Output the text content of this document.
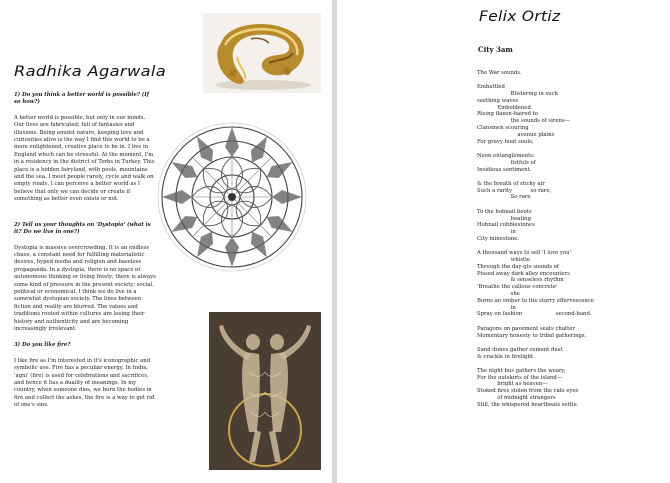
Radhika Agarwala

1) Do you think a better world is possible? (If so how?)

A better world is possible, but only in our minds. Our lives are fabricated; full of fantasies and illusions. Being amidst nature, keeping love and curiosities alive is the way I find this world to be a more enlightened, creative place to be in. I live in England which can be stressful. At the moment, I'm in a residency in the district of Torbs in Turkey. This place is a hidden fairyland, with pools, mountains and the sea. I meet people rarely, cycle and walk on empty roads. I can perceive a better world as I believe that only we can decide or create if something as better even exists or not.

2) Tell us your thoughts on 'Dystopia' (what is it? Do we live in one?)

Dystopia is massive overcrowding. It is an endless chaos, a constant need for fulfilling materialistic desires, hyped media and religion and baseless propaganda. In a dystopia, there is no space of autonomous thinking or living freely; there is always some kind of pressure in the present society; social, political or economical. I think we do live in a somewhat dystopian society. The lines between fiction and reality are blurred. The values and traditions rooted within cultures are losing their history and authenticity and are becoming increasingly irrelevant.

3) Do you like fire?

I like fire as I'm interested in it's iconographic and symbolic use. Fire has a peculiar energy. In India, 'agni' (fire) is used for celebrations and sacrifices, and hence it has a duality of meanings. In my country, when someone dies, we burn the bodies in fire and collect the ashes, the fire is a way to get rid of one's sins.

Felix Ortiz
City 3am
The War sounds.
Embattled
Blistering in such
seething waves
Emboldened
Rising flaxen-haired to
the sounds of sirens—
Clansmen scouring
avenue plains
For gravy boat souls;
Neon entanglements:
fistfuls of
Insidious sentiment.
& the breath of sticky air
Such a rarity           so rare,
So rare
To the hobnail boots
beating
Hobnail cobblestones
in
City minestone.
A thousand ways to sell 'I love you'
whistle
Through the day-glo sounds of
Pissed away dark alley encounters
& senseless rhythm
'Breathe the callous concrete'
she
Burns an ember to the starry effervescence
in
Spray on fashion                    second-hand.
Paragons on pavement seats chatter
Momentary honesty to tribal gatherings.
Sand dunes gather cement dust
& crackle in firelight.
The night bus gathers the weary,
For the outskirts of the island—
bright as heaven—
Stoked fires stolen from the cats eyes
of midnight strangers
Still, the whispered heartbeats settle.
